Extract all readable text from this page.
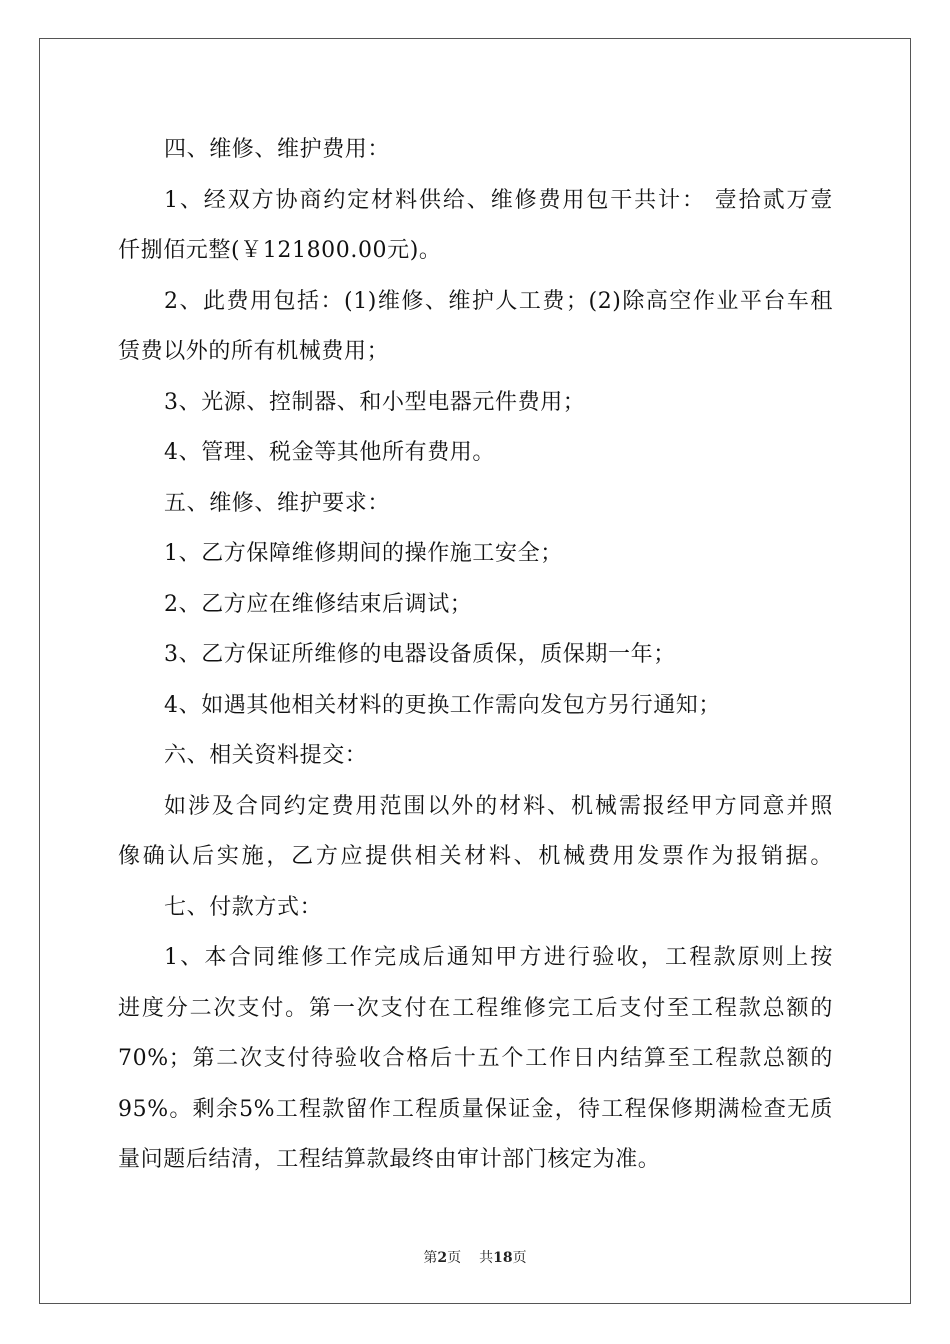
四、维修、维护费用：
1、经双方协商约定材料供给、维修费用包干共计： 壹拾贰万壹
仟捌佰元整(￥121800.00元)。
2、此费用包括：(1)维修、维护人工费；(2)除高空作业平台车租
赁费以外的所有机械费用；
3、光源、控制器、和小型电器元件费用；
4、管理、税金等其他所有费用。
五、维修、维护要求：
1、乙方保障维修期间的操作施工安全；
2、乙方应在维修结束后调试；
3、乙方保证所维修的电器设备质保，质保期一年；
4、如遇其他相关材料的更换工作需向发包方另行通知；
六、相关资料提交：
如涉及合同约定费用范围以外的材料、机械需报经甲方同意并照
像确认后实施，乙方应提供相关材料、机械费用发票作为报销据。
七、付款方式：
1、本合同维修工作完成后通知甲方进行验收，工程款原则上按
进度分二次支付。第一次支付在工程维修完工后支付至工程款总额的
70%；第二次支付待验收合格后十五个工作日内结算至工程款总额的
95%。剩余5%工程款留作工程质量保证金，待工程保修期满检查无质
量问题后结清，工程结算款最终由审计部门核定为准。
第2页 共18页
